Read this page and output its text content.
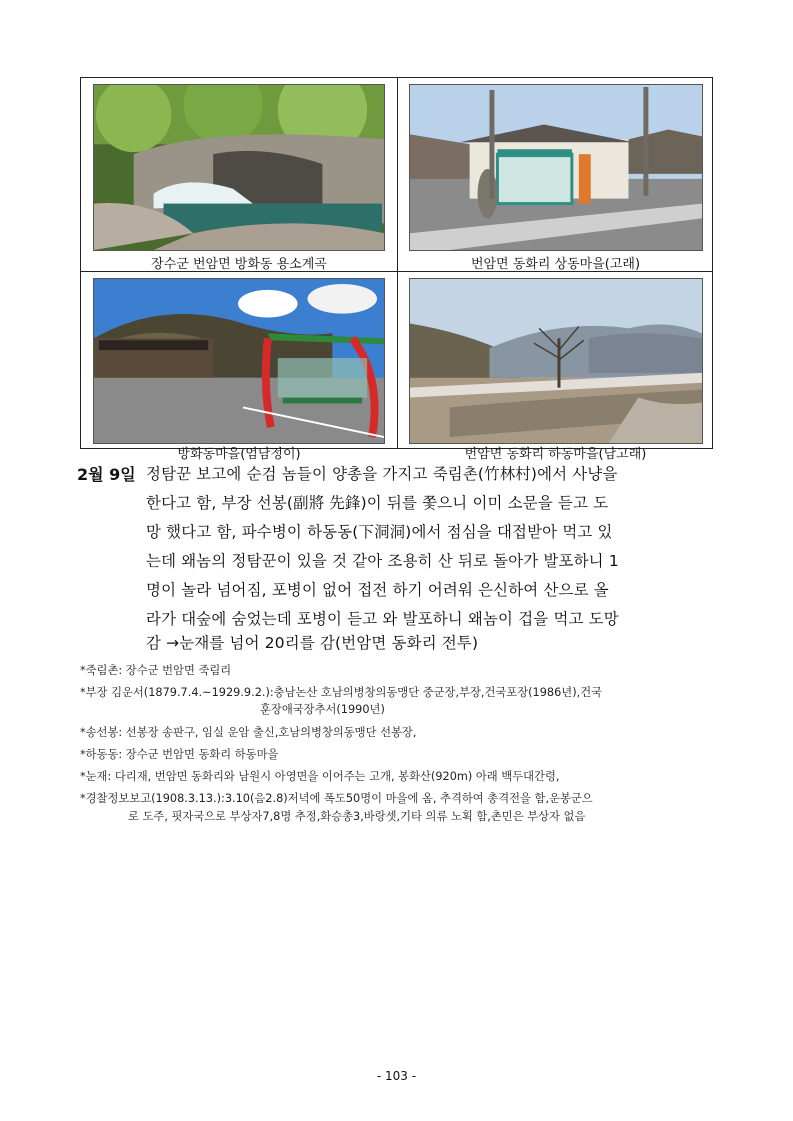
장수군 번암면 방화동 용소계곡	번암면 동화리 상동마을(고래)
방화동마을(엄남정이)	번암면 동화리 하동마을(남고래)
2월 9일 정탐꾼 보고에 순검 놈들이 양총을 가지고 죽림촌(竹林村)에서 사냥을
한다고 함, 부장 선봉(副將 先鋒)이 뒤를 쫓으니 이미 소문을 듣고 도
망 했다고 함, 파수병이 하동동(下洞洞)에서 점심을 대접받아 먹고 있
는데 왜놈의 정탐꾼이 있을 것 같아 조용히 산 뒤로 돌아가 발포하니 1
명이 놀라 넘어짐, 포병이 없어 접전 하기 어려워 은신하여 산으로 올
라가 대숲에 숨었는데 포병이 듣고 와 발포하니 왜놈이 겁을 먹고 도망
감 →눈재를 넘어 20리를 감(번암면 동화리 전투)
*죽림촌: 장수군 번암면 죽림리
*부장 김운서(1879.7.4.~1929.9.2.):충남논산 호남의병창의동맹단 중군장,부장,건국포장(1986년),건국
훈장애국장추서(1990년)
*송선봉: 선봉장 송판구, 임실 운암 출신,호남의병창의동맹단 선봉장,
*하동동: 장수군 번암면 동화리 하동마을
*눈재: 다리재, 번암면 동화리와 남원시 아영면을 이어주는 고개, 봉화산(920m) 아래 백두대간령,
*경찰정보보고(1908.3.13.):3.10(음2.8)저녁에 폭도50명이 마을에 옴, 추격하여 총격전을 함,운봉군으
로 도주, 핏자국으로 부상자7,8명 추정,화승총3,바랑셋,기타 의류 노획 함,촌민은 부상자 없음
- 103 -
